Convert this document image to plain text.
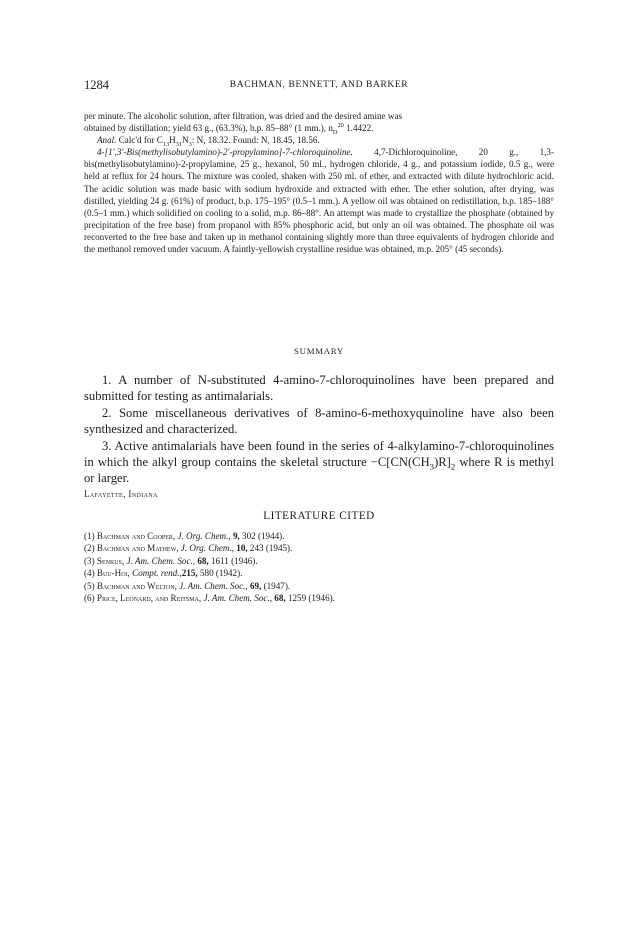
1284	BACHMAN, BENNETT, AND BARKER

per minute. The alcoholic solution, after filtration, was dried and the desired amine was

obtained by distillation; yield 63 g., (63.3%), b.p. 85–88° (1 mm.), $n_D^{20}$ 1.4422.

Anal. Calc'd for $C_{13}H_{31}N_3$: N, 18.32. Found: N, 18.45, 18.56.

4-[1′,3′-Bis(methylisobutylamino)-2′-propylamino]-7-chloroquinoline. 4,7-Dichloroquinoline, 20 g., 1,3-bis(methylisobutylamino)-2-propylamine, 25 g., hexanol, 50 ml., hydrogen chloride, 4 g., and potassium iodide, 0.5 g., were held at reflux for 24 hours. The mixture was cooled, shaken with 250 ml. of ether, and extracted with dilute hydrochloric acid. The acidic solution was made basic with sodium hydroxide and extracted with ether. The ether solution, after drying, was distilled, yielding 24 g. (61%) of product, b.p. 175–195° (0.5–1 mm.). A yellow oil was obtained on redistillation, b.p. 185–188° (0.5–1 mm.) which solidified on cooling to a solid, m.p. 86–88°. An attempt was made to crystallize the phosphate (obtained by precipitation of the free base) from propanol with 85% phosphoric acid, but only an oil was obtained. The phosphate oil was reconverted to the free base and taken up in methanol containing slightly more than three equivalents of hydrogen chloride and the methanol removed under vacuum. A faintly-yellowish crystalline residue was obtained, m.p. 205° (45 seconds).

SUMMARY

1. A number of N-substituted 4-amino-7-chloroquinolines have been prepared and submitted for testing as antimalarials.

2. Some miscellaneous derivatives of 8-amino-6-methoxyquinoline have also been synthesized and characterized.

3. Active antimalarials have been found in the series of 4-alkylamino-7-chloroquinolines in which the alkyl group contains the skeletal structure $-C[CN(CH_3)R]_2$ where R is methyl or larger.

Lafayette, Indiana
LITERATURE CITED
(1) Bachman and Cooper, J. Org. Chem., 9, 302 (1944).
(2) Bachman and Mathew, J. Org. Chem., 10, 243 (1945).
(3) Senkus, J. Am. Chem. Soc., 68, 1611 (1946).
(4) Buu-Hoi, Compt. rend.,215, 580 (1942).
(5) Bachman and Welton, J. Am. Chem. Soc., 69, (1947).
(6) Price, Leonard, and Reitsma, J. Am. Chem. Soc., 68, 1259 (1946).
